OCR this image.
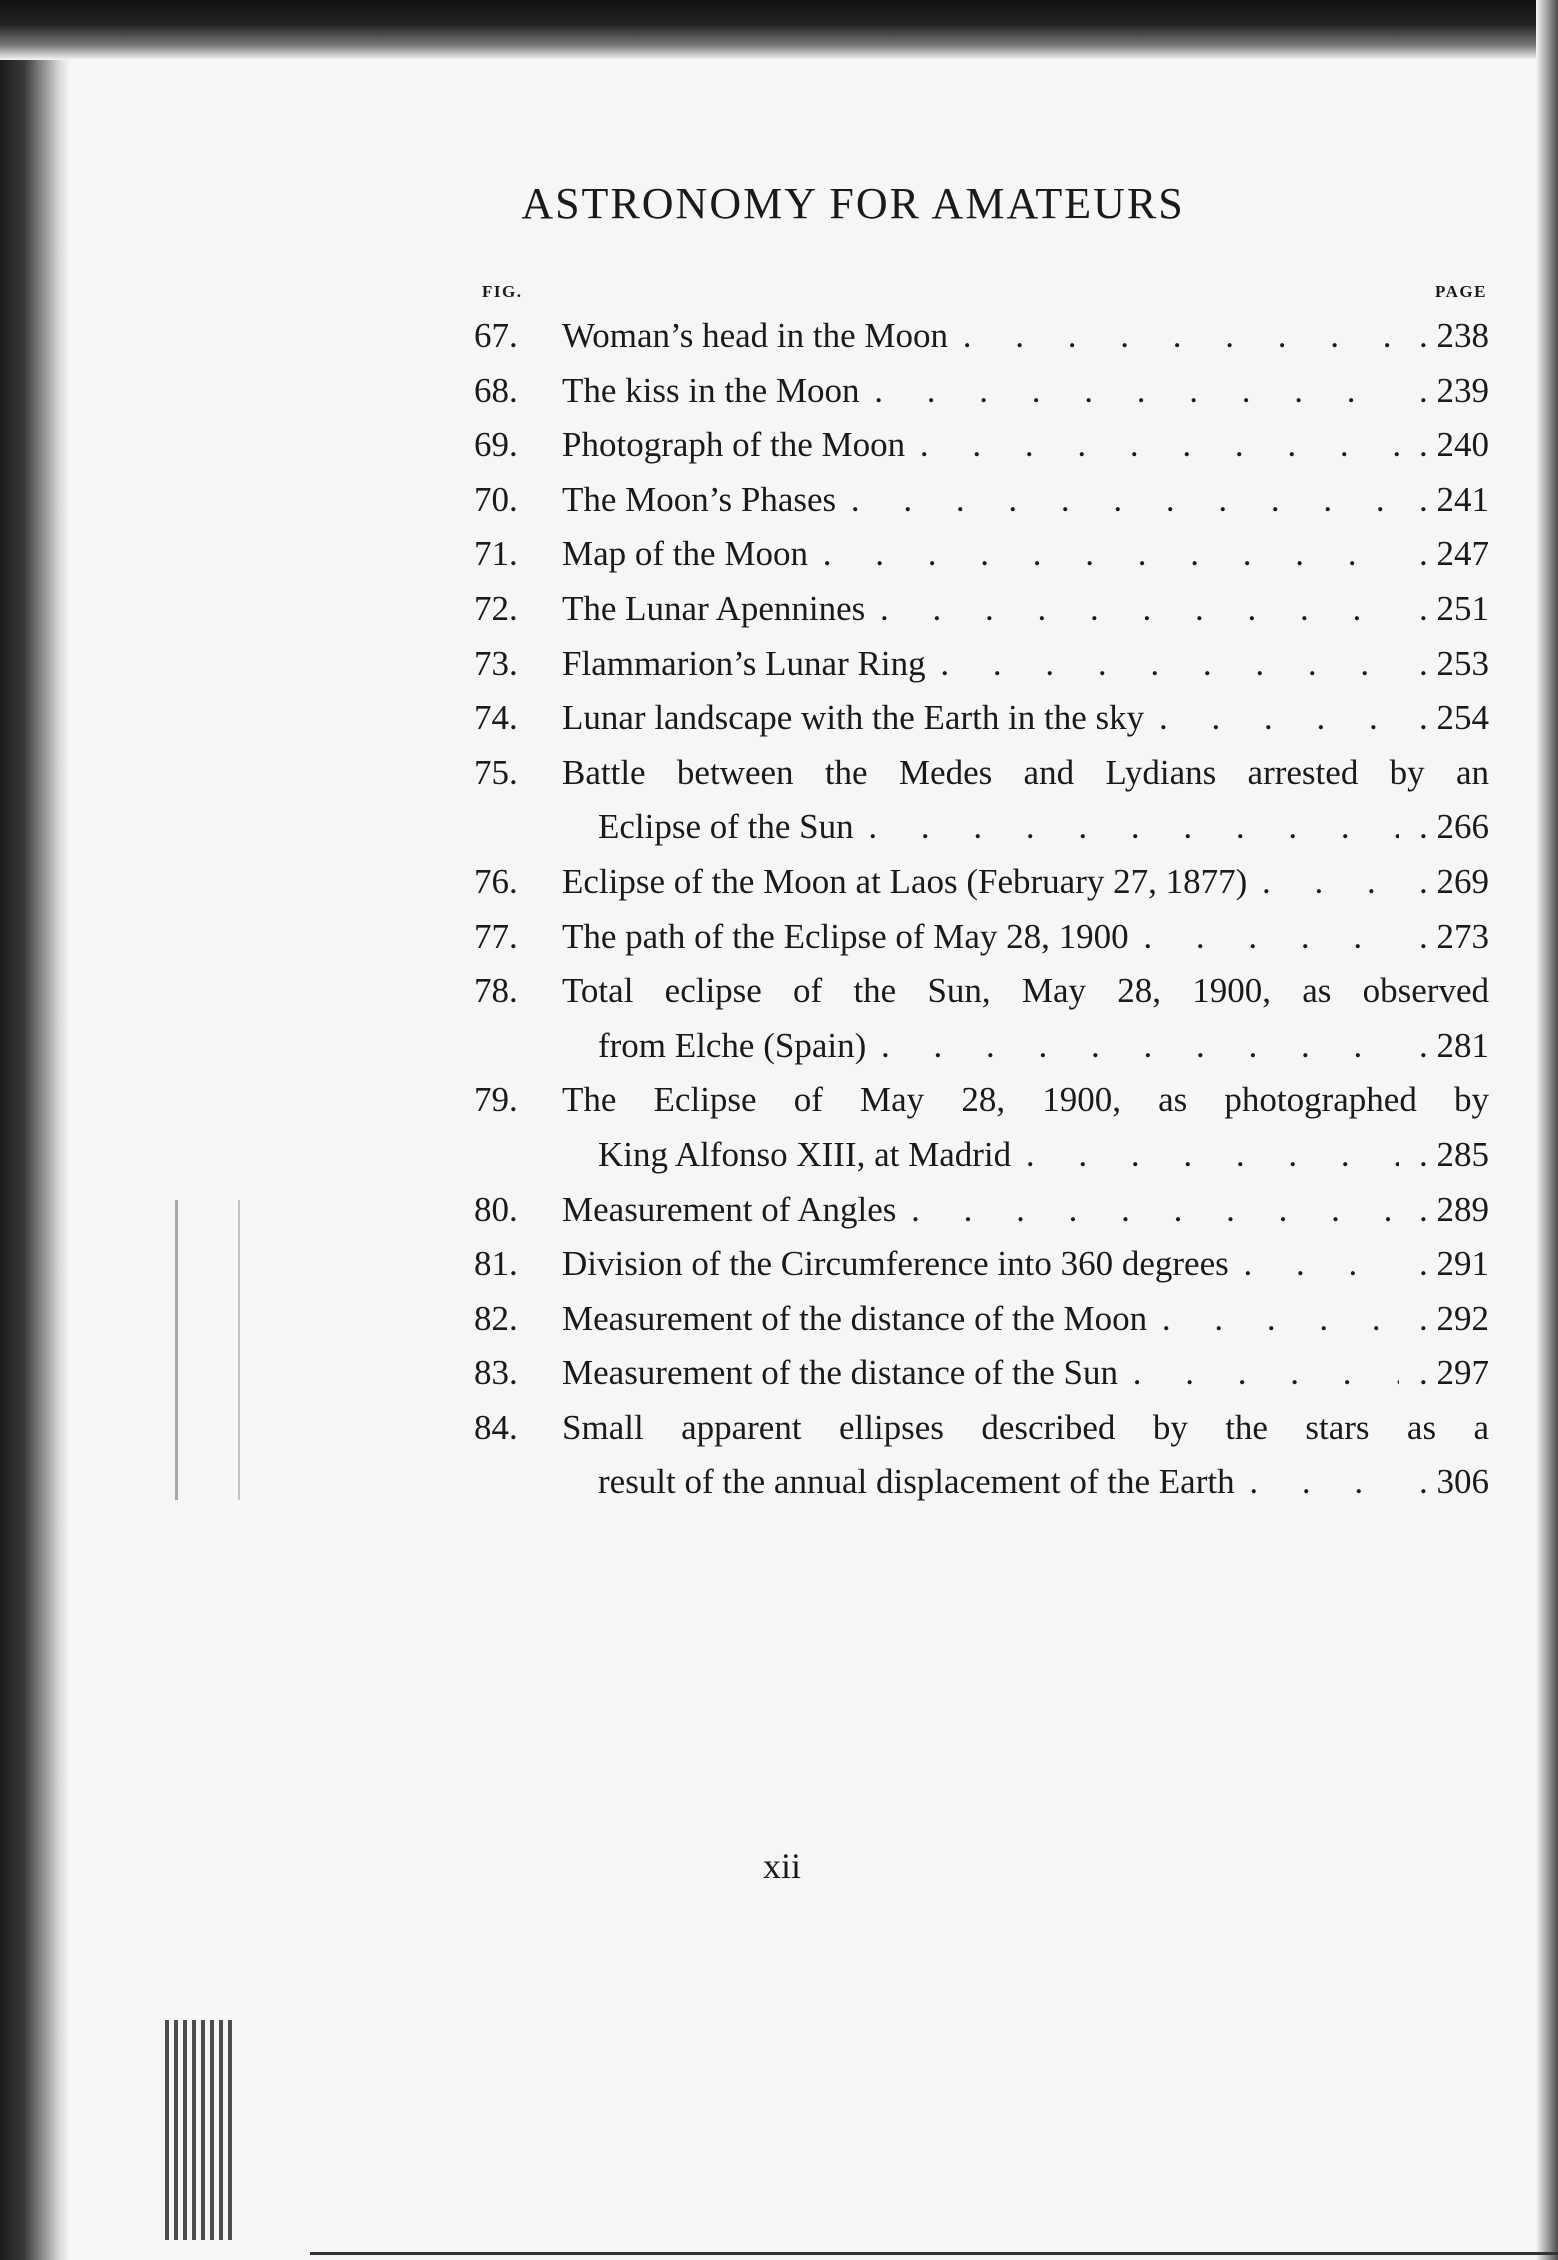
ASTRONOMY FOR AMATEURS
FIG.	PAGE
67. Woman’s head in the Moon .	. 238
68. The kiss in the Moon .	. 239
69. Photograph of the Moon .	. 240
70. The Moon’s Phases .	. 241
71. Map of the Moon .	. 247
72. The Lunar Apennines .	. 251
73. Flammarion’s Lunar Ring .	. 253
74. Lunar landscape with the Earth in the sky .	. 254
75. Battle between the Medes and Lydians arrested by an
Eclipse of the Sun .	. 266
76. Eclipse of the Moon at Laos (February 27, 1877) .	. 269
77. The path of the Eclipse of May 28, 1900 .	. 273
78. Total eclipse of the Sun, May 28, 1900, as observed
from Elche (Spain) .	. 281
79. The Eclipse of May 28, 1900, as photographed by
King Alfonso XIII, at Madrid .	. 285
80. Measurement of Angles .	. 289
81. Division of the Circumference into 360 degrees .	. 291
82. Measurement of the distance of the Moon .	. 292
83. Measurement of the distance of the Sun .	. 297
84. Small apparent ellipses described by the stars as a
result of the annual displacement of the Earth .	. 306
xii
